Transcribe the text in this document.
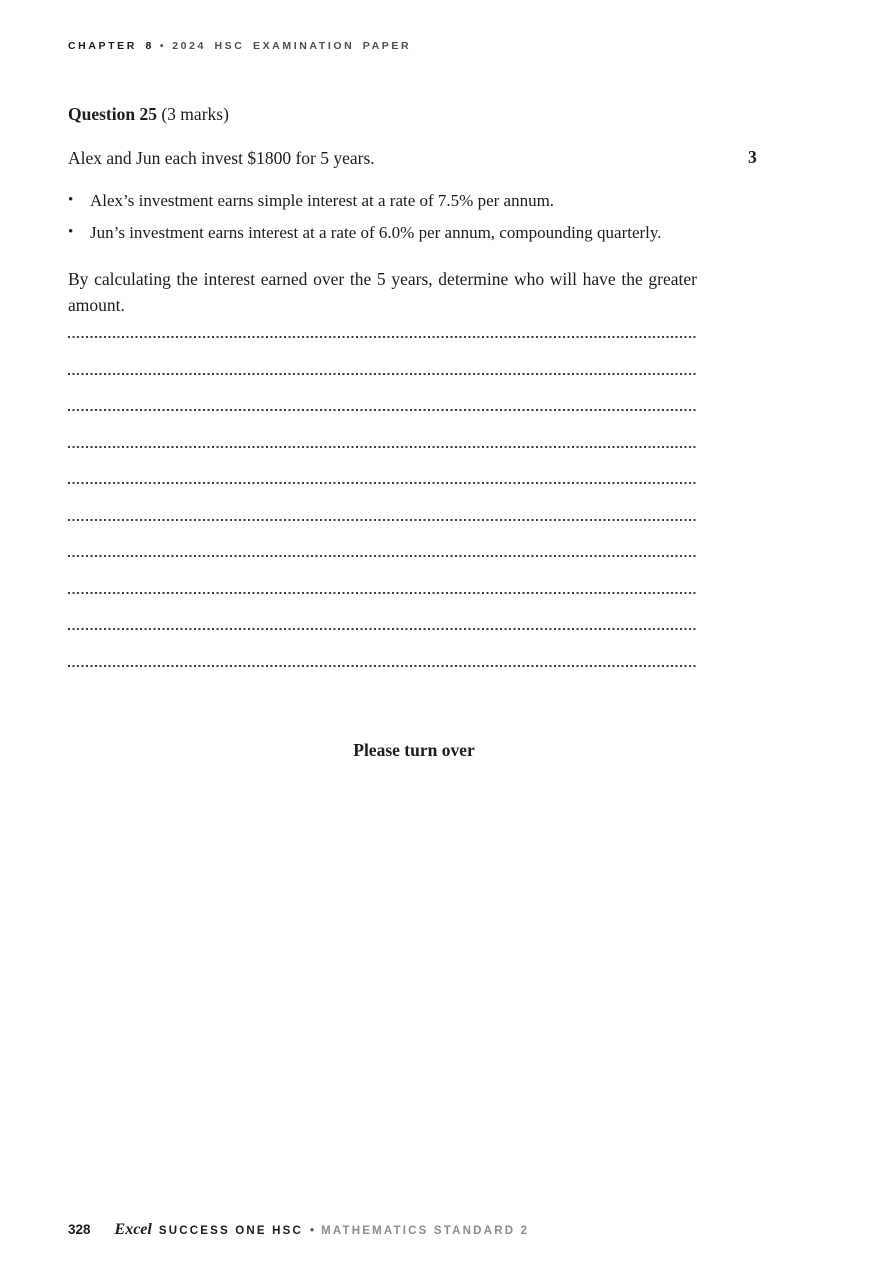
CHAPTER 8 • 2024 HSC EXAMINATION PAPER
Question 25 (3 marks)
Alex and Jun each invest $1800 for 5 years.	3
• Alex’s investment earns simple interest at a rate of 7.5% per annum.
• Jun’s investment earns interest at a rate of 6.0% per annum, compounding quarterly.
By calculating the interest earned over the 5 years, determine who will have the greater amount.
Please turn over
328 Excel SUCCESS ONE HSC • MATHEMATICS STANDARD 2
